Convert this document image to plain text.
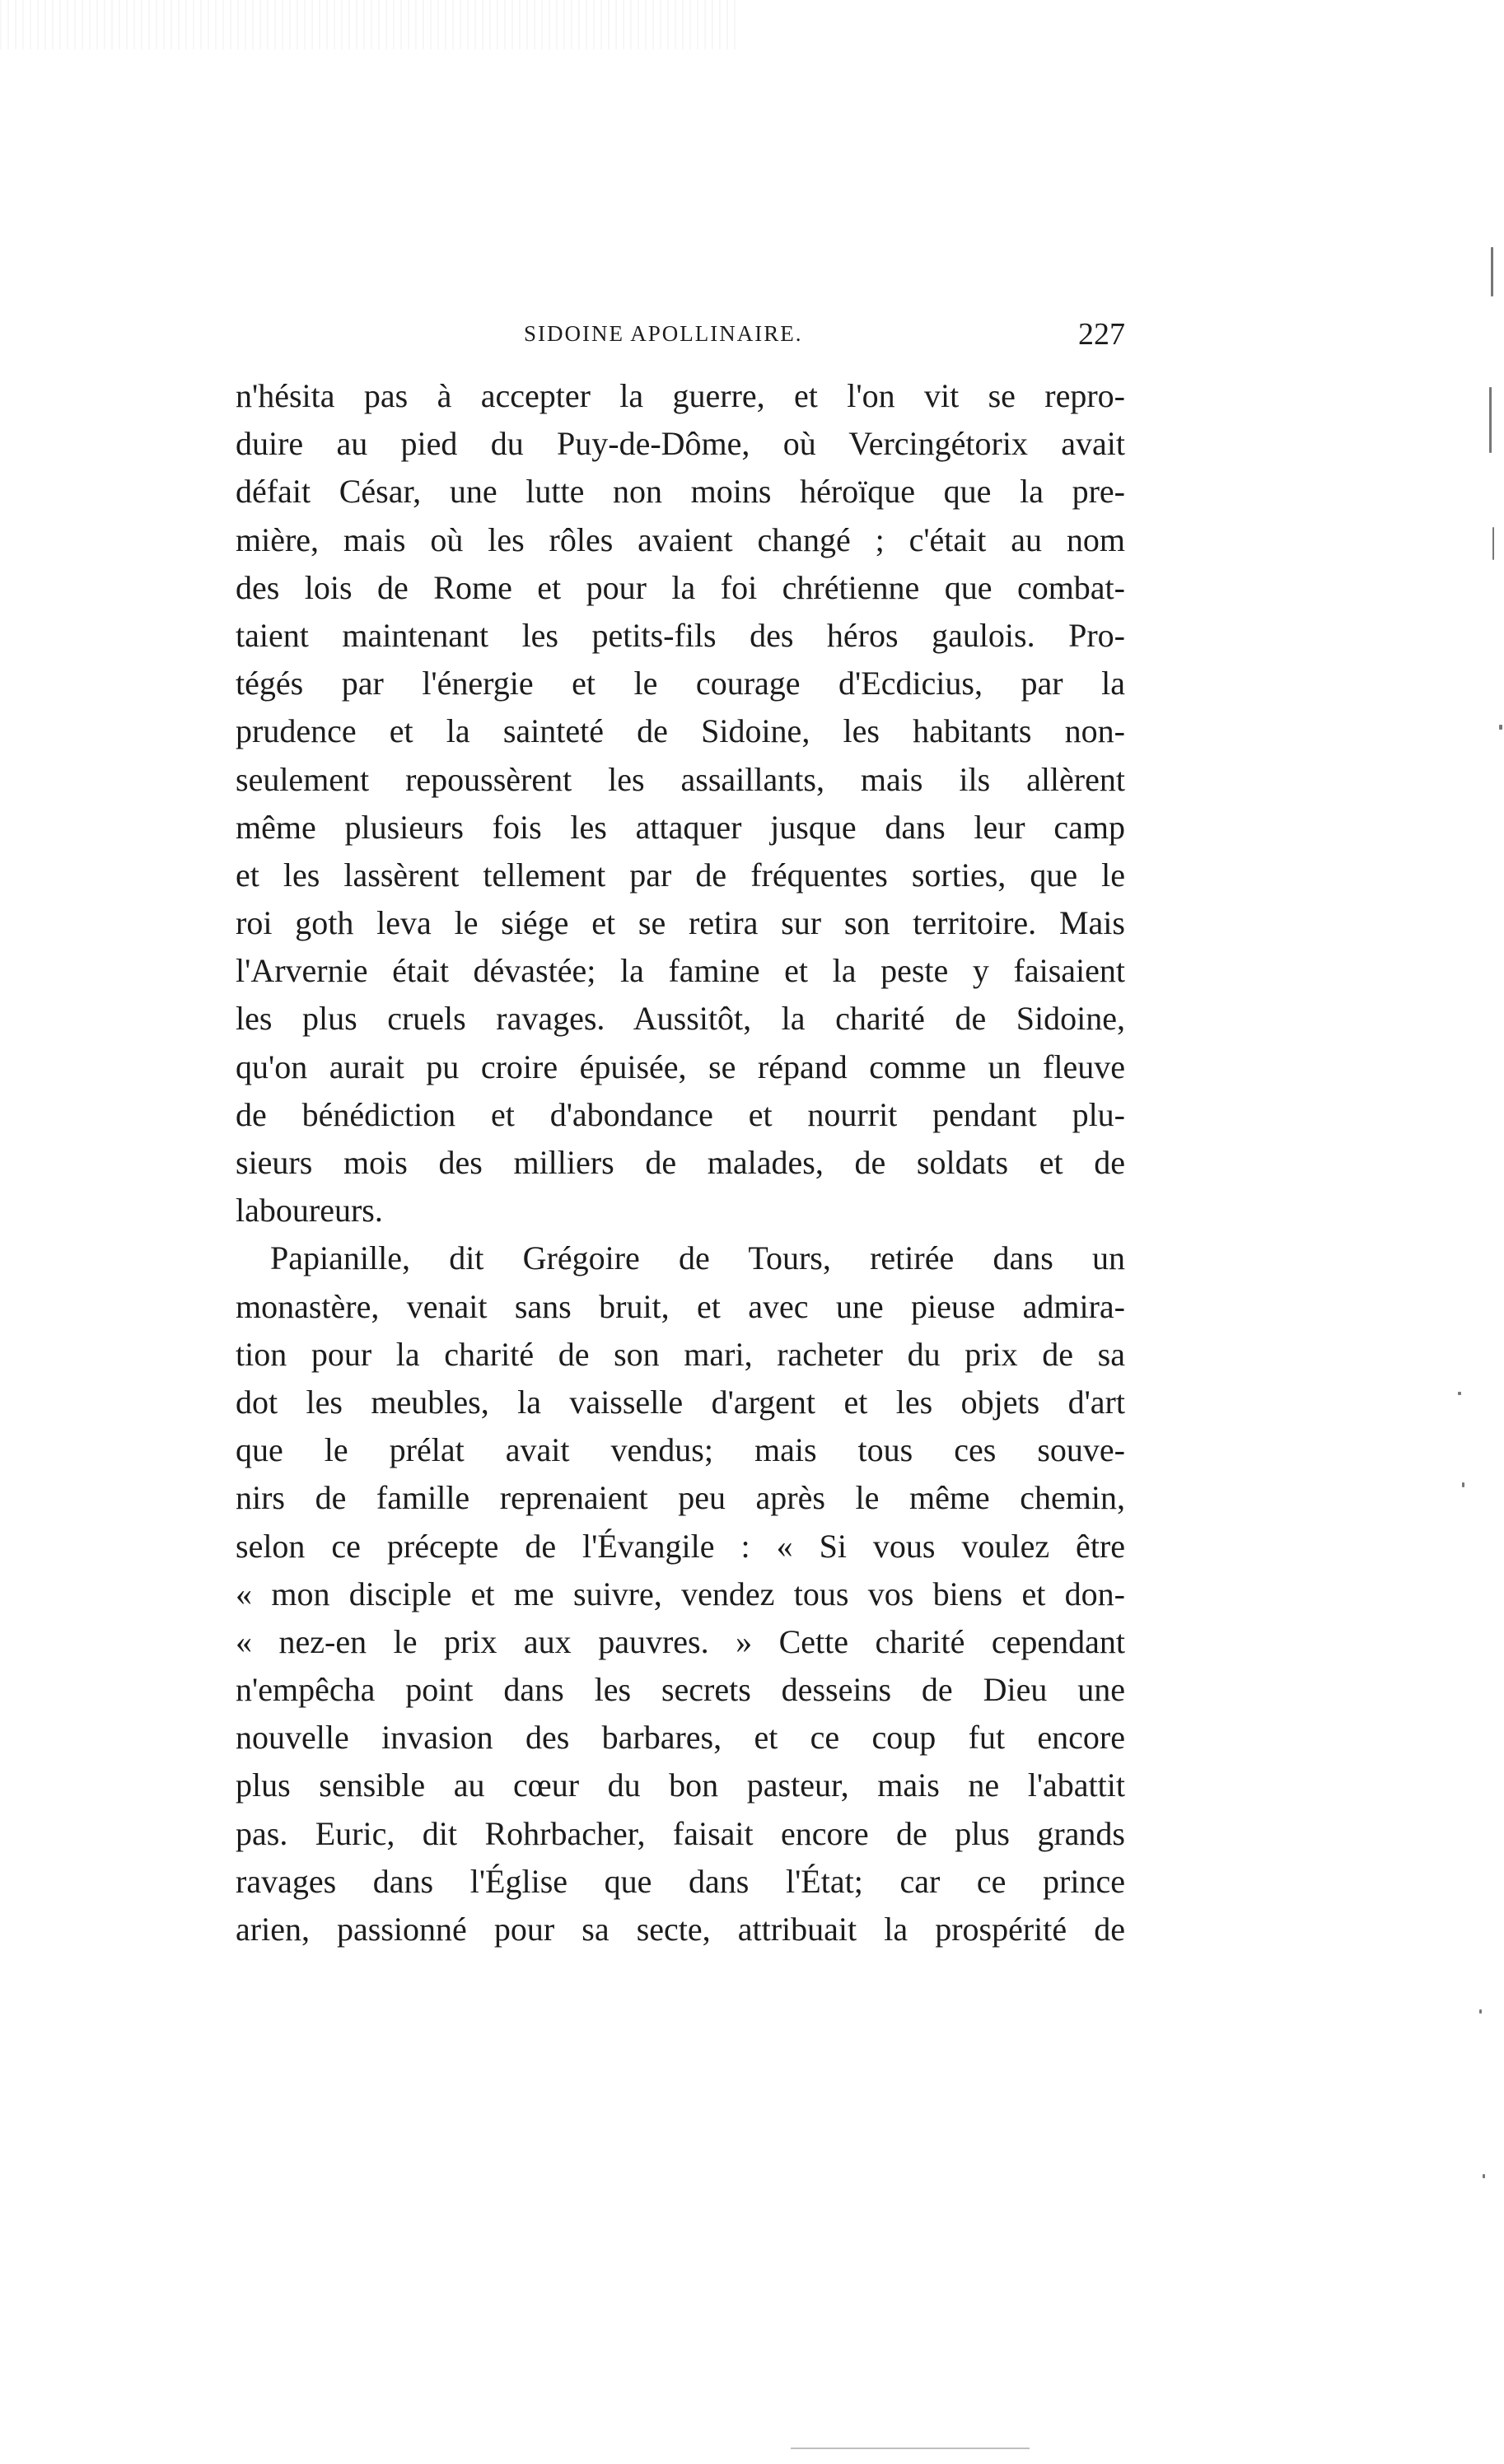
SIDOINE APOLLINAIRE.	227
n'hésita pas à accepter la guerre, et l'on vit se repro-
duire au pied du Puy-de-Dôme, où Vercingétorix avait
défait César, une lutte non moins héroïque que la pre-
mière, mais où les rôles avaient changé ; c'était au nom
des lois de Rome et pour la foi chrétienne que combat-
taient maintenant les petits-fils des héros gaulois. Pro-
tégés par l'énergie et le courage d'Ecdicius, par la
prudence et la sainteté de Sidoine, les habitants non-
seulement repoussèrent les assaillants, mais ils allèrent
même plusieurs fois les attaquer jusque dans leur camp
et les lassèrent tellement par de fréquentes sorties, que le
roi goth leva le siége et se retira sur son territoire. Mais
l'Arvernie était dévastée; la famine et la peste y faisaient
les plus cruels ravages. Aussitôt, la charité de Sidoine,
qu'on aurait pu croire épuisée, se répand comme un fleuve
de bénédiction et d'abondance et nourrit pendant plu-
sieurs mois des milliers de malades, de soldats et de
laboureurs.
Papianille, dit Grégoire de Tours, retirée dans un
monastère, venait sans bruit, et avec une pieuse admira-
tion pour la charité de son mari, racheter du prix de sa
dot les meubles, la vaisselle d'argent et les objets d'art
que le prélat avait vendus; mais tous ces souve-
nirs de famille reprenaient peu après le même chemin,
selon ce précepte de l'Évangile : « Si vous voulez être
« mon disciple et me suivre, vendez tous vos biens et don-
« nez-en le prix aux pauvres. » Cette charité cependant
n'empêcha point dans les secrets desseins de Dieu une
nouvelle invasion des barbares, et ce coup fut encore
plus sensible au cœur du bon pasteur, mais ne l'abattit
pas. Euric, dit Rohrbacher, faisait encore de plus grands
ravages dans l'Église que dans l'État; car ce prince
arien, passionné pour sa secte, attribuait la prospérité de
